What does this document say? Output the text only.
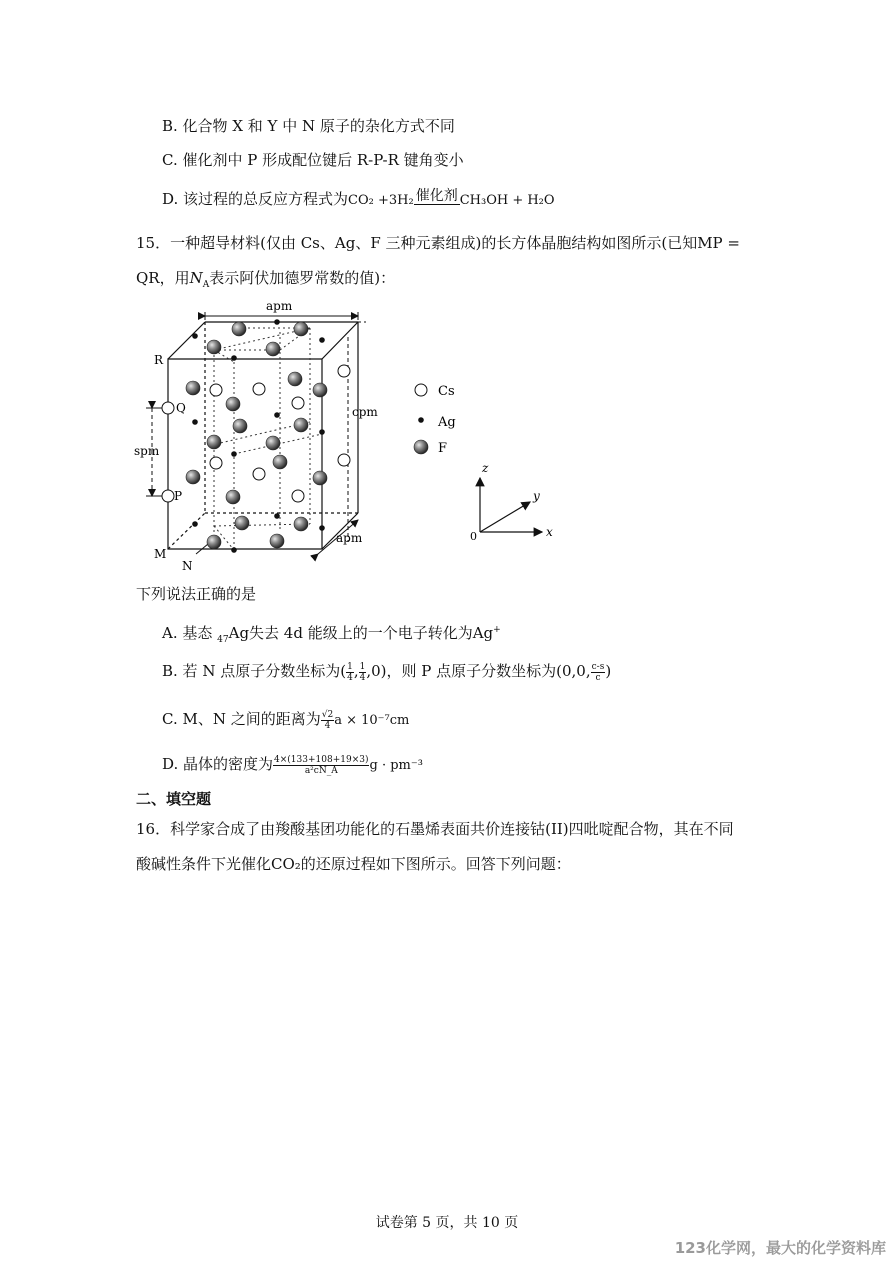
B. 化合物 X 和 Y 中 N 原子的杂化方式不同
C. 催化剂中 P 形成配位键后 R-P-R 键角变小
D. 该过程的总反应方程式为CO₂ +3H₂ 催化剂 CH₃OH + H₂O
15．一种超导材料(仅由 Cs、Ag、F 三种元素组成)的长方体晶胞结构如图所示(已知MP =
QR，用$N_A$表示阿伏加德罗常数的值)：
apm
cpm
spm
apm
R
Q
P
M
N
Cs
Ag
F
z
y
x
0
下列说法正确的是
A. 基态 $_{47}$Ag失去 4d 能级上的一个电子转化为Ag+
B. 若 N 点原子分数坐标为( $\frac{1}{4}$ , $\frac{1}{4} ,0$)，则 P 点原子分数坐标为(0,0, $\frac{c-s}{c}$ )
C. M、N 之间的距离为 $\frac{√2}{4}$ a × 10⁻⁷cm
D. 晶体的密度为 $\frac{4\times(133+108+19\times 3)}{\text{a²cN\_A}}$ g · pm⁻³
二、填空题
16．科学家合成了由羧酸基团功能化的石墨烯表面共价连接钴(II)四吡啶配合物，其在不同
酸碱性条件下光催化CO₂的还原过程如下图所示。回答下列问题：
试卷第 5 页，共 10 页
123化学网，最大的化学资料库
